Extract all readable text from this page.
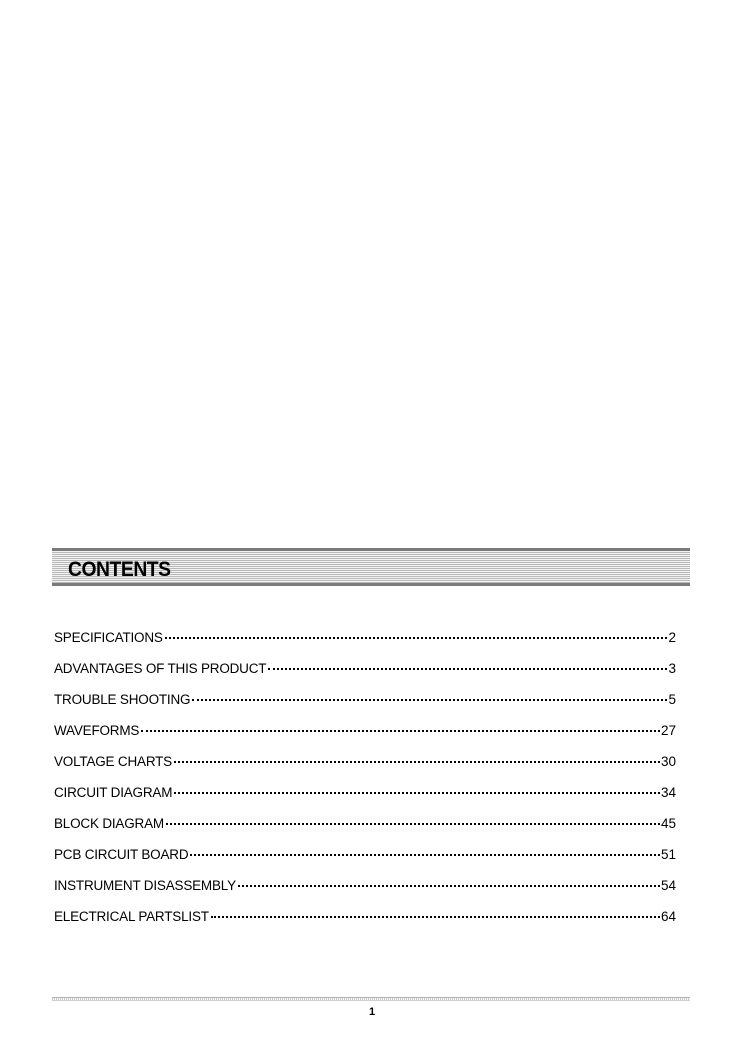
CONTENTS
SPECIFICATIONS	2
ADVANTAGES OF THIS PRODUCT	3
TROUBLE SHOOTING	5
WAVEFORMS	27
VOLTAGE CHARTS	30
CIRCUIT DIAGRAM	34
BLOCK DIAGRAM	45
PCB CIRCUIT BOARD	51
INSTRUMENT DISASSEMBLY	54
ELECTRICAL PARTSLIST	64
1
